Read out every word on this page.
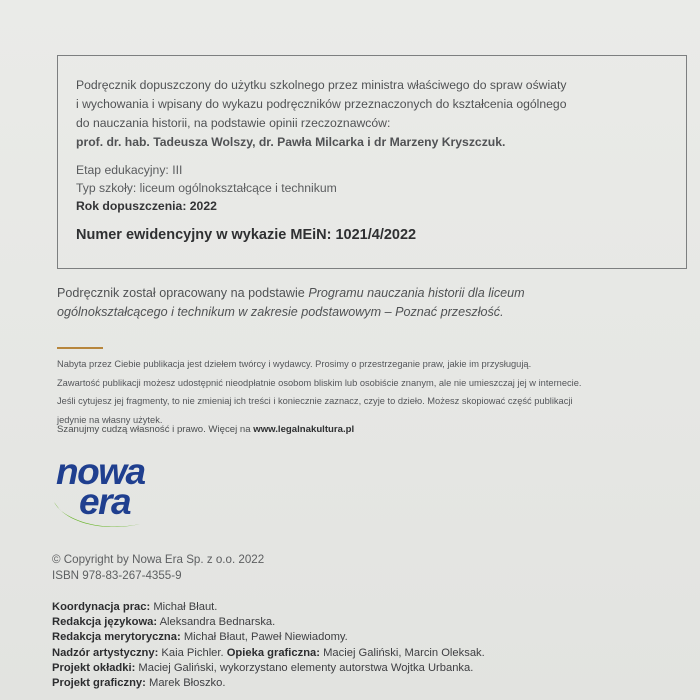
Podręcznik dopuszczony do użytku szkolnego przez ministra właściwego do spraw oświaty

i wychowania i wpisany do wykazu podręczników przeznaczonych do kształcenia ogólnego

do nauczania historii, na podstawie opinii rzeczoznawców:

prof. dr. hab. Tadeusza Wolszy, dr. Pawła Milcarka i dr Marzeny Kryszczuk.

Etap edukacyjny: III
Typ szkoły: liceum ogólnokształcące i technikum
Rok dopuszczenia: 2022
Numer ewidencyjny w wykazie MEiN: 1021/4/2022
Podręcznik został opracowany na podstawie Programu nauczania historii dla liceum
ogólnokształcącego i technikum w zakresie podstawowym – Poznać przeszłość.
Nabyta przez Ciebie publikacja jest dziełem twórcy i wydawcy. Prosimy o przestrzeganie praw, jakie im przysługują.
Zawartość publikacji możesz udostępnić nieodpłatnie osobom bliskim lub osobiście znanym, ale nie umieszczaj jej w internecie.
Jeśli cytujesz jej fragmenty, to nie zmieniaj ich treści i koniecznie zaznacz, czyje to dzieło. Możesz skopiować część publikacji
jedynie na własny użytek.
Szanujmy cudzą własność i prawo. Więcej na www.legalnakultura.pl
nowa
era
© Copyright by Nowa Era Sp. z o.o. 2022
ISBN 978-83-267-4355-9
Koordynacja prac: Michał Błaut.
Redakcja językowa: Aleksandra Bednarska.
Redakcja merytoryczna: Michał Błaut, Paweł Niewiadomy.
Nadzór artystyczny: Kaia Pichler. Opieka graficzna: Maciej Galiński, Marcin Oleksak.
Projekt okładki: Maciej Galiński, wykorzystano elementy autorstwa Wojtka Urbanka.
Projekt graficzny: Marek Błoszko.
